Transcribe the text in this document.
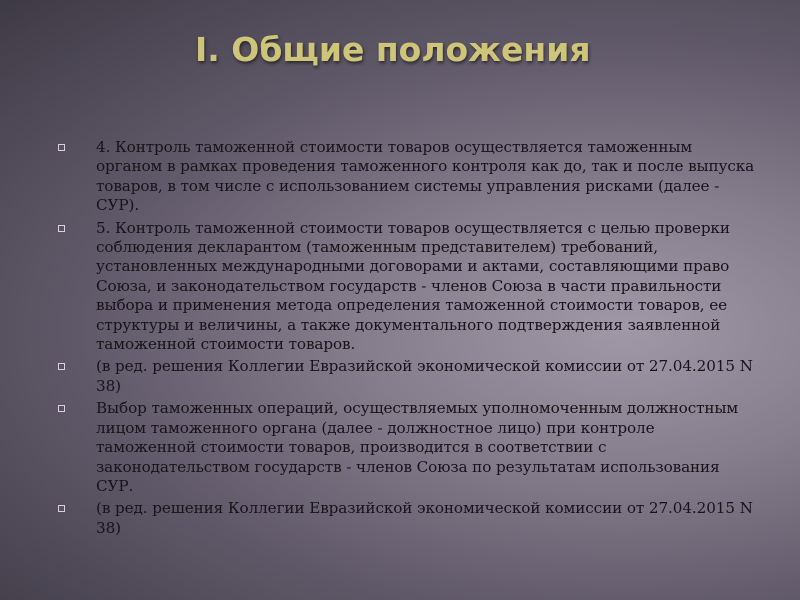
I. Общие положения
4. Контроль таможенной стоимости товаров осуществляется таможенным органом в рамках проведения таможенного контроля как до, так и после выпуска товаров, в том числе с использованием системы управления рисками (далее - СУР).
5. Контроль таможенной стоимости товаров осуществляется с целью проверки соблюдения декларантом (таможенным представителем) требований, установленных международными договорами и актами, составляющими право Союза, и законодательством государств - членов Союза в части правильности выбора и применения метода определения таможенной стоимости товаров, ее структуры и величины, а также документального подтверждения заявленной таможенной стоимости товаров.
(в ред. решения Коллегии Евразийской экономической комиссии от 27.04.2015 N 38)
Выбор таможенных операций, осуществляемых уполномоченным должностным лицом таможенного органа (далее - должностное лицо) при контроле таможенной стоимости товаров, производится в соответствии с законодательством государств - членов Союза по результатам использования СУР.
(в ред. решения Коллегии Евразийской экономической комиссии от 27.04.2015 N 38)
